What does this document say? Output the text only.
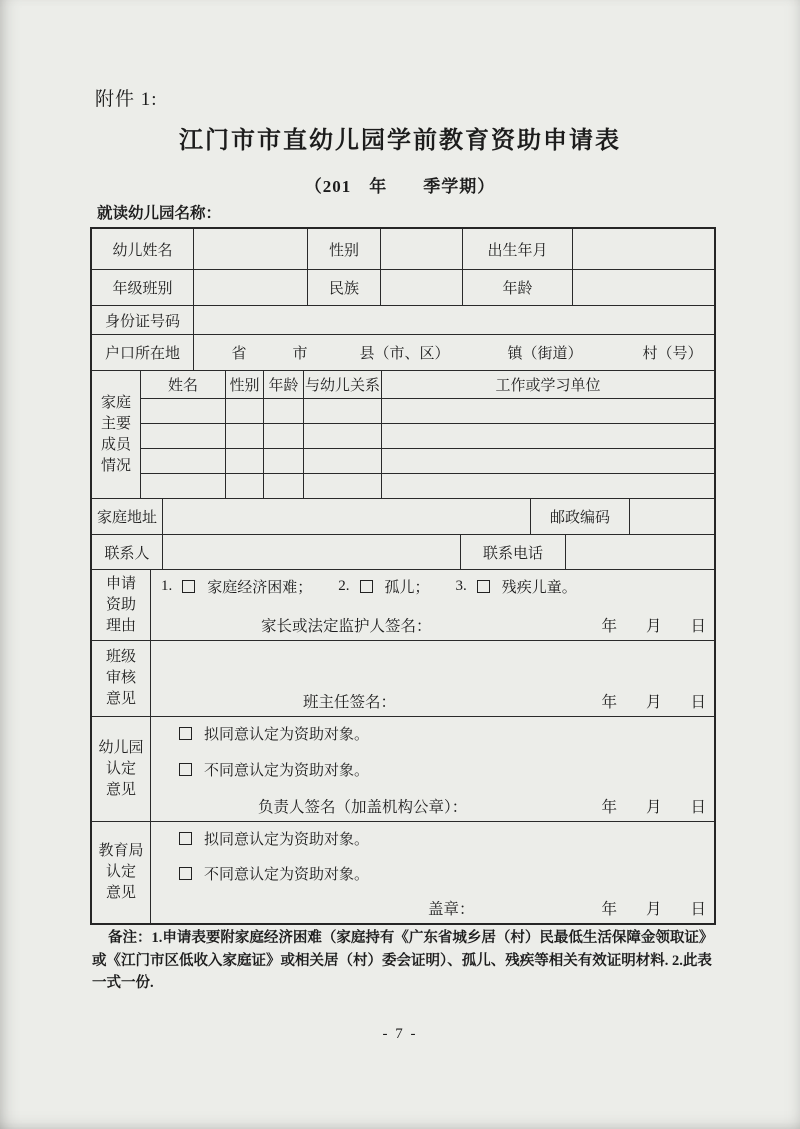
附件 1:
江门市市直幼儿园学前教育资助申请表
（201　年　　季学期）
就读幼儿园名称：
幼儿姓名	性别	出生年月
年级班别	民族	年龄
身份证号码
户口所在地	省	市	县（市、区）	镇（街道）	村（号）
家庭
主要
成员
情况
姓名	性别 年龄 与幼儿关系	工作或学习单位
家庭地址	邮政编码
联系人	联系电话
申请
资助
理由
1. 家庭经济困难； 2. 孤儿； 3. 残疾儿童。
家长或法定监护人签名：	年 月 日
班级
审核
意见	班主任签名：	年 月 日
幼儿园
认定
意见
拟同意认定为资助对象。
不同意认定为资助对象。
负责人签名（加盖机构公章）：	年 月 日
教育局
认定
意见
拟同意认定为资助对象。
不同意认定为资助对象。
盖章：	年 月 日
备注：1.申请表要附家庭经济困难（家庭持有《广东省城乡居（村）民最低生活保障金领取证》
或《江门市区低收入家庭证》或相关居（村）委会证明）、孤儿、残疾等相关有效证明材料. 2.此表
一式一份.
- 7 -
